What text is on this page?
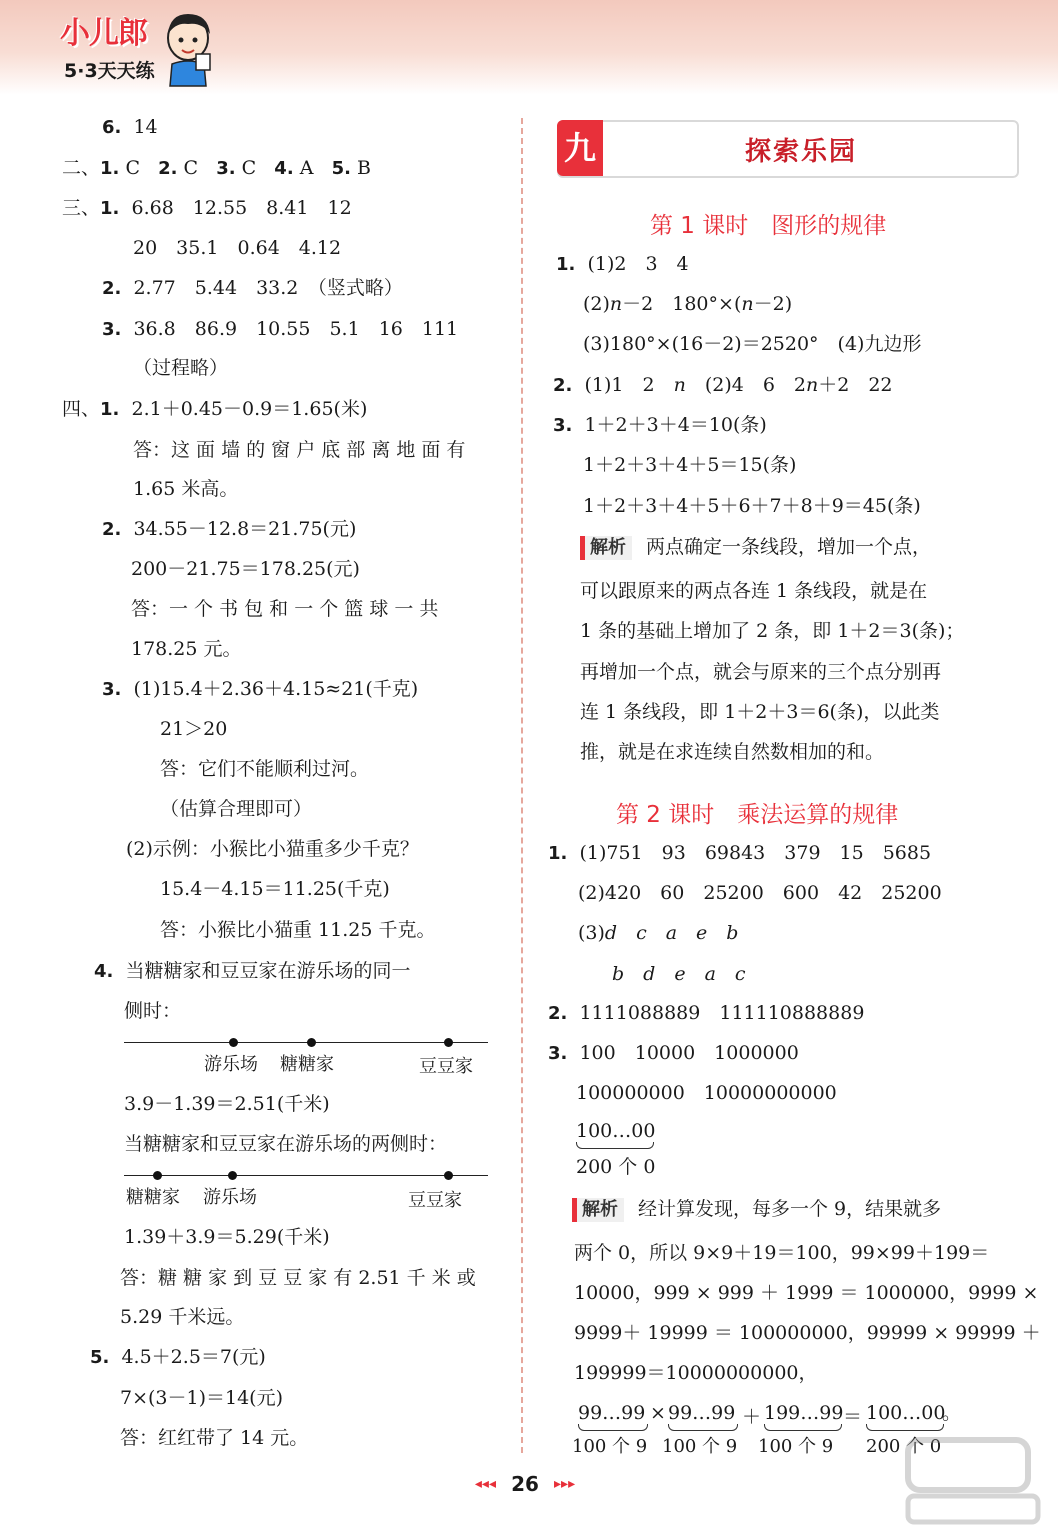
小儿郎
5·3天天练
6. 14
二、1. C 2. C 3. C 4. A 5. B
三、1. 6.68　12.55　8.41　12
20　35.1　0.64　4.12
2. 2.77　5.44　33.2　（竖式略）
3. 36.8　86.9　10.55　5.1　16　111
（过程略）
四、1. 2.1＋0.45－0.9＝1.65(米)
答：这 面 墙 的 窗 户 底 部 离 地 面 有
1.65 米高。
2. 34.55－12.8＝21.75(元)
200－21.75＝178.25(元)
答：一 个 书 包 和 一 个 篮 球 一 共
178.25 元。
3. (1)15.4＋2.36＋4.15≈21(千克)
21＞20
答：它们不能顺利过河。
（估算合理即可）
(2)示例：小猴比小猫重多少千克？
15.4－4.15＝11.25(千克)
答：小猴比小猫重 11.25 千克。
4. 当糖糖家和豆豆家在游乐场的同一
侧时：
游乐场 糖糖家	豆豆家
3.9－1.39＝2.51(千米)
当糖糖家和豆豆家在游乐场的两侧时：
糖糖家 游乐场	豆豆家
1.39＋3.9＝5.29(千米)
答：糖 糖 家 到 豆 豆 家 有 2.51 千 米 或
5.29 千米远。
5. 4.5＋2.5＝7(元)
7×(3－1)＝14(元)
答：红红带了 14 元。
九	探索乐园
第 1 课时　图形的规律
1. (1)2　3　4
(2)n－2　180°×(n－2)
(3)180°×(16－2)＝2520°　(4)九边形
2. (1)1　2　n　(2)4　6　2n＋2　22
3. 1＋2＋3＋4＝10(条)
1＋2＋3＋4＋5＝15(条)
1＋2＋3＋4＋5＋6＋7＋8＋9＝45(条)
解析 两点确定一条线段，增加一个点，
可以跟原来的两点各连 1 条线段，就是在
1 条的基础上增加了 2 条，即 1＋2＝3(条)；
再增加一个点，就会与原来的三个点分别再
连 1 条线段，即 1＋2＋3＝6(条)，以此类
推，就是在求连续自然数相加的和。
第 2 课时　乘法运算的规律
1. (1)751　93　69843　379　15　5685
(2)420　60　25200　600　42　25200
(3)d　c　a　e　b
b　d　e　a　c
2. 1111088889　111110888889
3. 100　10000　1000000
100000000　10000000000
100…00
200 个 0
解析 经计算发现，每多一个 9，结果就多
两个 0，所以 9×9＋19＝100，99×99＋199＝
10000，999 × 999 ＋ 1999 ＝ 1000000，9999 ×
9999＋ 19999 ＝ 100000000，99999 × 99999 ＋
199999＝10000000000，
99…99 × 99…99 ＋ 199…99 ＝ 100…00
。
100 个 9 100 个 9 100 个 9 200 个 0
◂◂◂ 26 ▸▸▸
